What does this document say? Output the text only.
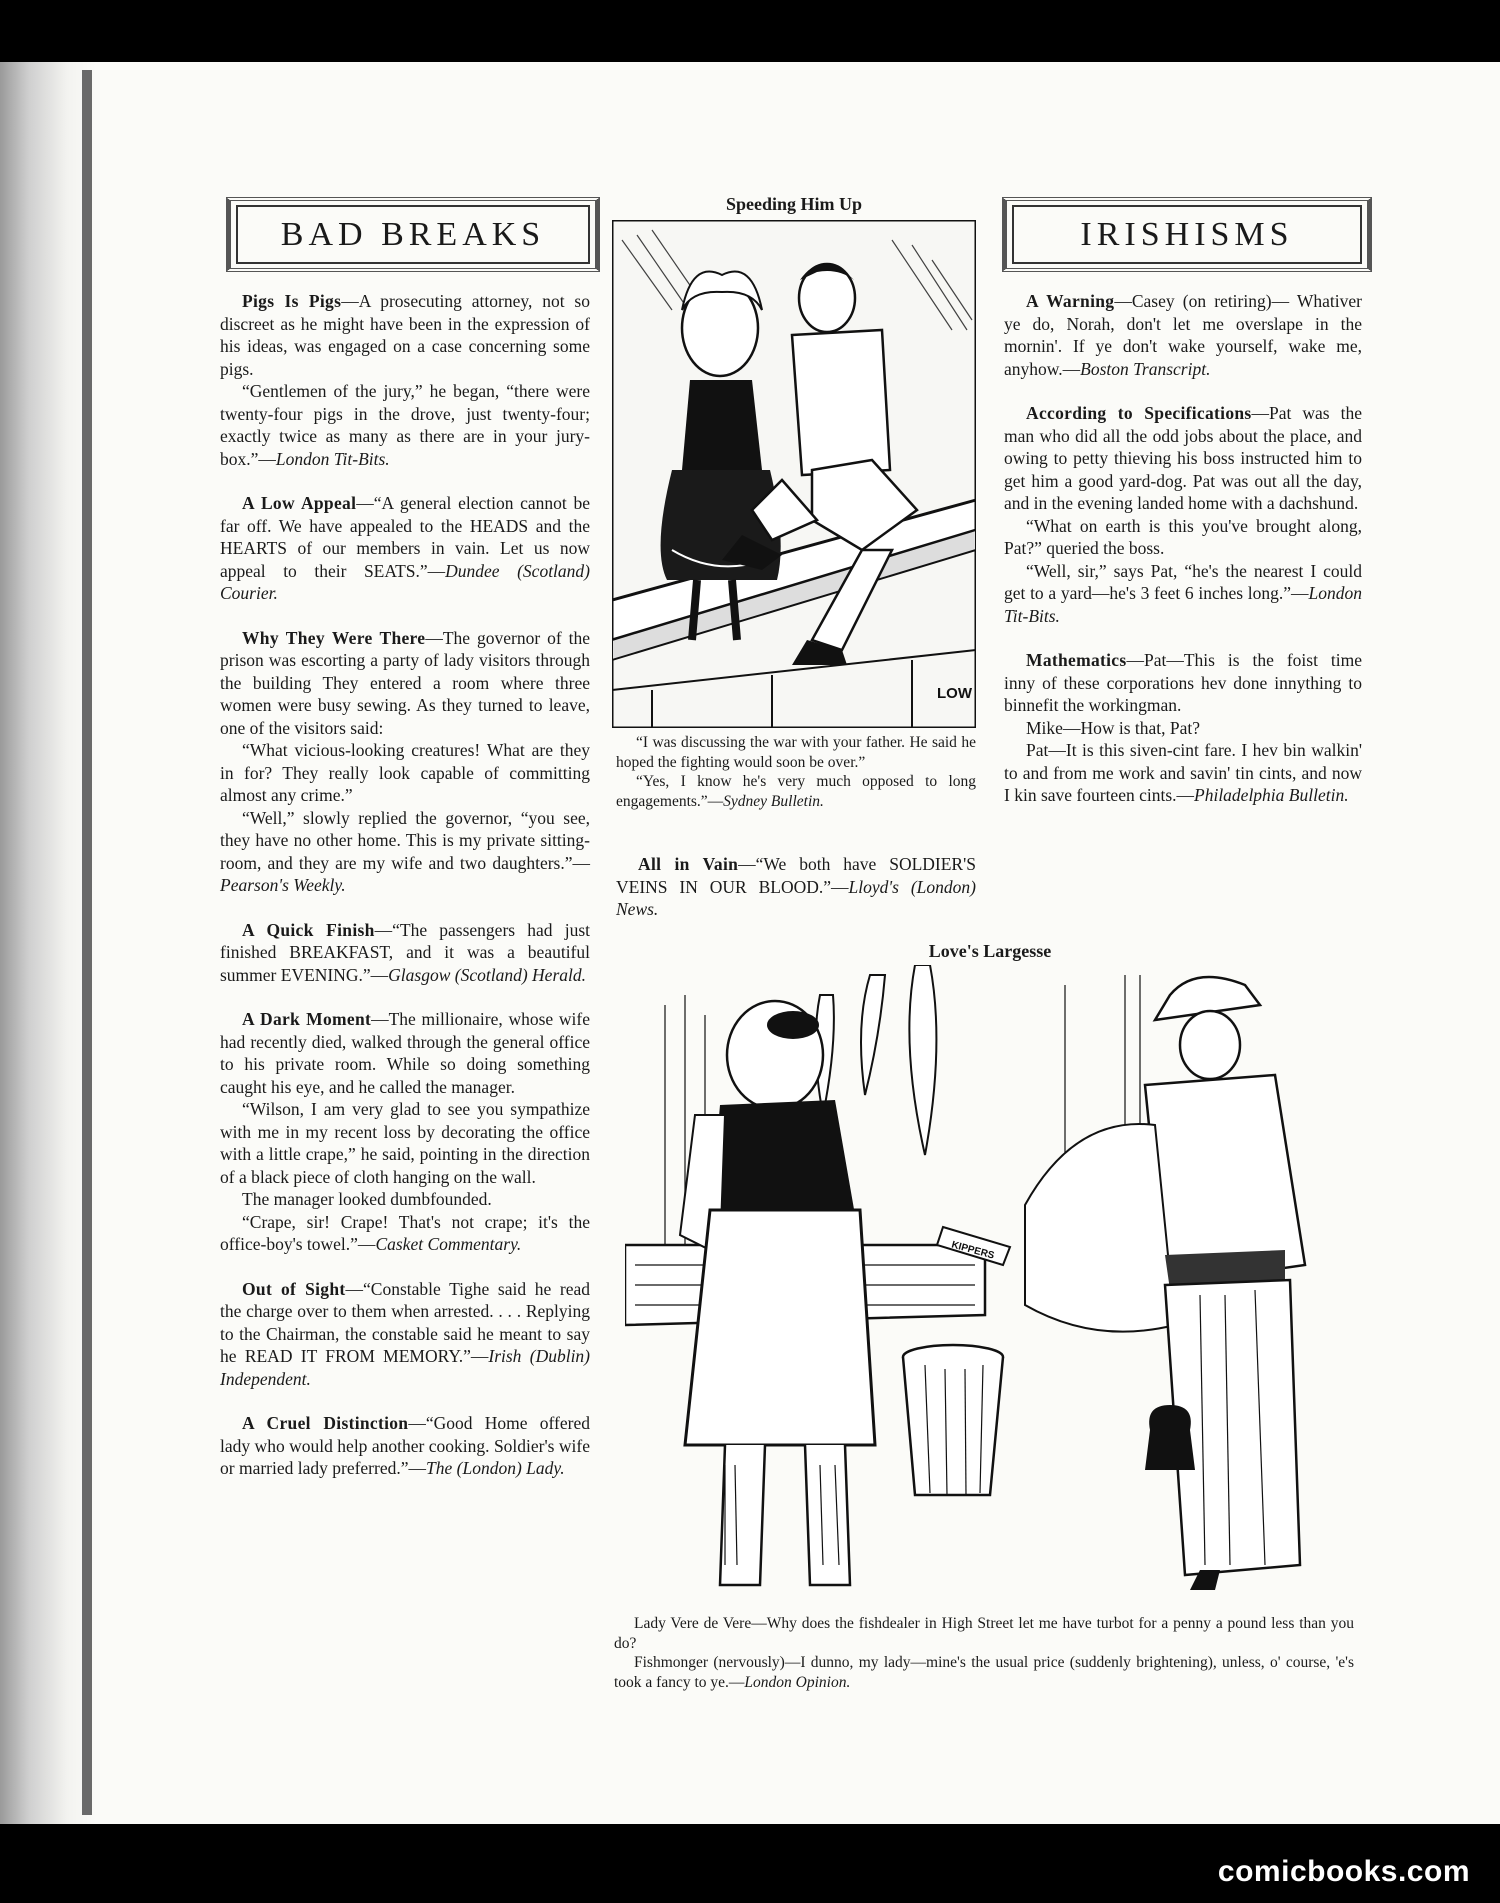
BAD BREAKS

Pigs Is Pigs—A prosecuting attorney, not so discreet as he might have been in the expression of his ideas, was engaged on a case concerning some pigs.

“Gentlemen of the jury,” he began, “there were twenty-four pigs in the drove, just twenty-four; exactly twice as many as there are in your jury-box.”—London Tit-Bits.

A Low Appeal—“A general election cannot be far off. We have appealed to the HEADS and the HEARTS of our members in vain. Let us now appeal to their SEATS.”—Dundee (Scotland) Courier.

Why They Were There—The governor of the prison was escorting a party of lady visitors through the building They entered a room where three women were busy sewing. As they turned to leave, one of the visitors said:

“What vicious-looking creatures! What are they in for? They really look capable of committing almost any crime.”

“Well,” slowly replied the governor, “you see, they have no other home. This is my private sitting-room, and they are my wife and two daughters.”—Pearson's Weekly.

A Quick Finish—“The passengers had just finished BREAKFAST, and it was a beautiful summer EVENING.”—Glasgow (Scotland) Herald.

A Dark Moment—The millionaire, whose wife had recently died, walked through the general office to his private room. While so doing something caught his eye, and he called the manager.

“Wilson, I am very glad to see you sympathize with me in my recent loss by decorating the office with a little crape,” he said, pointing in the direction of a black piece of cloth hanging on the wall.

The manager looked dumbfounded.

“Crape, sir! Crape! That's not crape; it's the office-boy's towel.”—Casket Commentary.

Out of Sight—“Constable Tighe said he read the charge over to them when arrested. . . . Replying to the Chairman, the constable said he meant to say he READ IT FROM MEMORY.”—Irish (Dublin) Independent.

A Cruel Distinction—“Good Home offered lady who would help another cooking. Soldier's wife or married lady preferred.”—The (London) Lady.

Speeding Him Up
LOW

“I was discussing the war with your father. He said he hoped the fighting would soon be over.”

“Yes, I know he's very much opposed to long engagements.”—Sydney Bulletin.

All in Vain—“We both have SOLDIER'S VEINS IN OUR BLOOD.”—Lloyd's (London) News.

IRISHISMS

A Warning—Casey (on retiring)— Whativer ye do, Norah, don't let me overslape in the mornin'. If ye don't wake yourself, wake me, anyhow.—Boston Transcript.

According to Specifications—Pat was the man who did all the odd jobs about the place, and owing to petty thieving his boss instructed him to get him a good yard-dog. Pat was out all the day, and in the evening landed home with a dachshund.

“What on earth is this you've brought along, Pat?” queried the boss.

“Well, sir,” says Pat, “he's the nearest I could get to a yard—he's 3 feet 6 inches long.”—London Tit-Bits.

Mathematics—Pat—This is the foist time inny of these corporations hev done innything to binnefit the workingman.

Mike—How is that, Pat?

Pat—It is this siven-cint fare. I hev bin walkin' to and from me work and savin' tin cints, and now I kin save fourteen cints.—Philadelphia Bulletin.

Love's Largesse
KIPPERS

Lady Vere de Vere—Why does the fishdealer in High Street let me have turbot for a penny a pound less than you do?

Fishmonger (nervously)—I dunno, my lady—mine's the usual price (suddenly brightening), unless, o' course, 'e's took a fancy to ye.—London Opinion.

comicbooks.com
